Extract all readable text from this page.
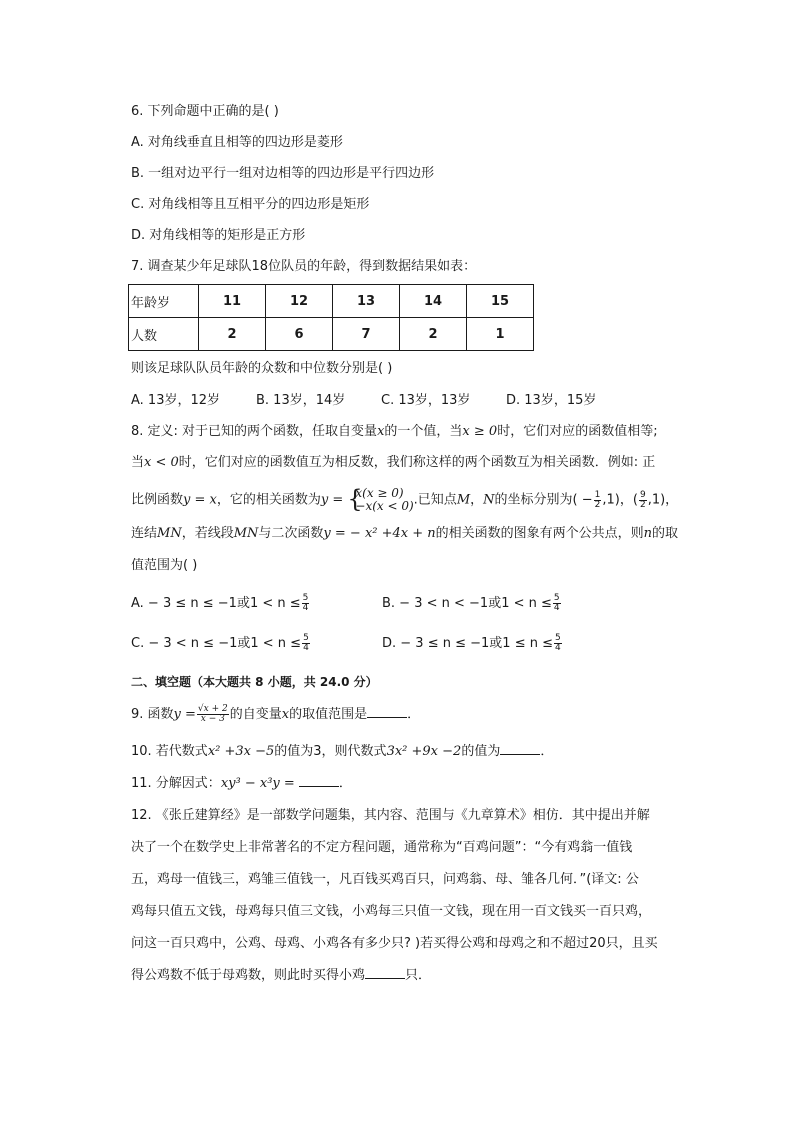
6. 下列命题中正确的是( )
A. 对角线垂直且相等的四边形是菱形
B. 一组对边平行一组对边相等的四边形是平行四边形
C. 对角线相等且互相平分的四边形是矩形
D. 对角线相等的矩形是正方形
7. 调查某少年足球队18位队员的年龄，得到数据结果如表：
年龄岁	11	12	13	14	15
人数	2	6	7	2	1
则该足球队队员年龄的众数和中位数分别是( )
A. 13岁，12岁	B. 13岁，14岁	C. 13岁，13岁	D. 13岁，15岁
8. 定义: 对于已知的两个函数，任取自变量x的一个值，当x ≥ 0时，它们对应的函数值相等;
当x < 0时，它们对应的函数值互为相反数，我们称这样的两个函数互为相关函数．例如: 正
比例函数y = x，它的相关函数为y = {
x(x ≥ 0)
−x(x < 0) .已知点M，N的坐标分别为( − $\frac{1}{2} ,1$)，( $\frac{9}{2} ,1$)，
连结MN，若线段MN与二次函数y = − x² +4x + n的相关函数的图象有两个公共点，则n的取
值范围为( )
A. − 3 ≤ n ≤ −1或$1 < n \le \frac{5}{4}$	B. − 3 < n < −1或$1 < n \le \frac{5}{4}$
C. − 3 < n ≤ −1或$1 < n \le \frac{5}{4}$	D. − 3 ≤ n ≤ −1或$1 \le n \le \frac{5}{4}$
二、填空题（本大题共 8 小题，共 24.0 分）
9. 函数$y = \frac{√x + 2}{x - 3}$ 的自变量x的取值范围是	．
10. 若代数式x² +3x −5的值为3，则代数式3x² +9x −2的值为	．
11. 分解因式：xy³ − x³y =	．
12. 《张丘建算经》是一部数学问题集，其内容、范围与《九章算术》相仿．其中提出并解
决了一个在数学史上非常著名的不定方程问题，通常称为“百鸡问题”：“今有鸡翁一值钱
五，鸡母一值钱三，鸡雏三值钱一，凡百钱买鸡百只，问鸡翁、母、雏各几何．”(译文: 公
鸡每只值五文钱，母鸡每只值三文钱，小鸡每三只值一文钱，现在用一百文钱买一百只鸡，
问这一百只鸡中，公鸡、母鸡、小鸡各有多少只? )若买得公鸡和母鸡之和不超过20只，且买
得公鸡数不低于母鸡数，则此时买得小鸡	只．
